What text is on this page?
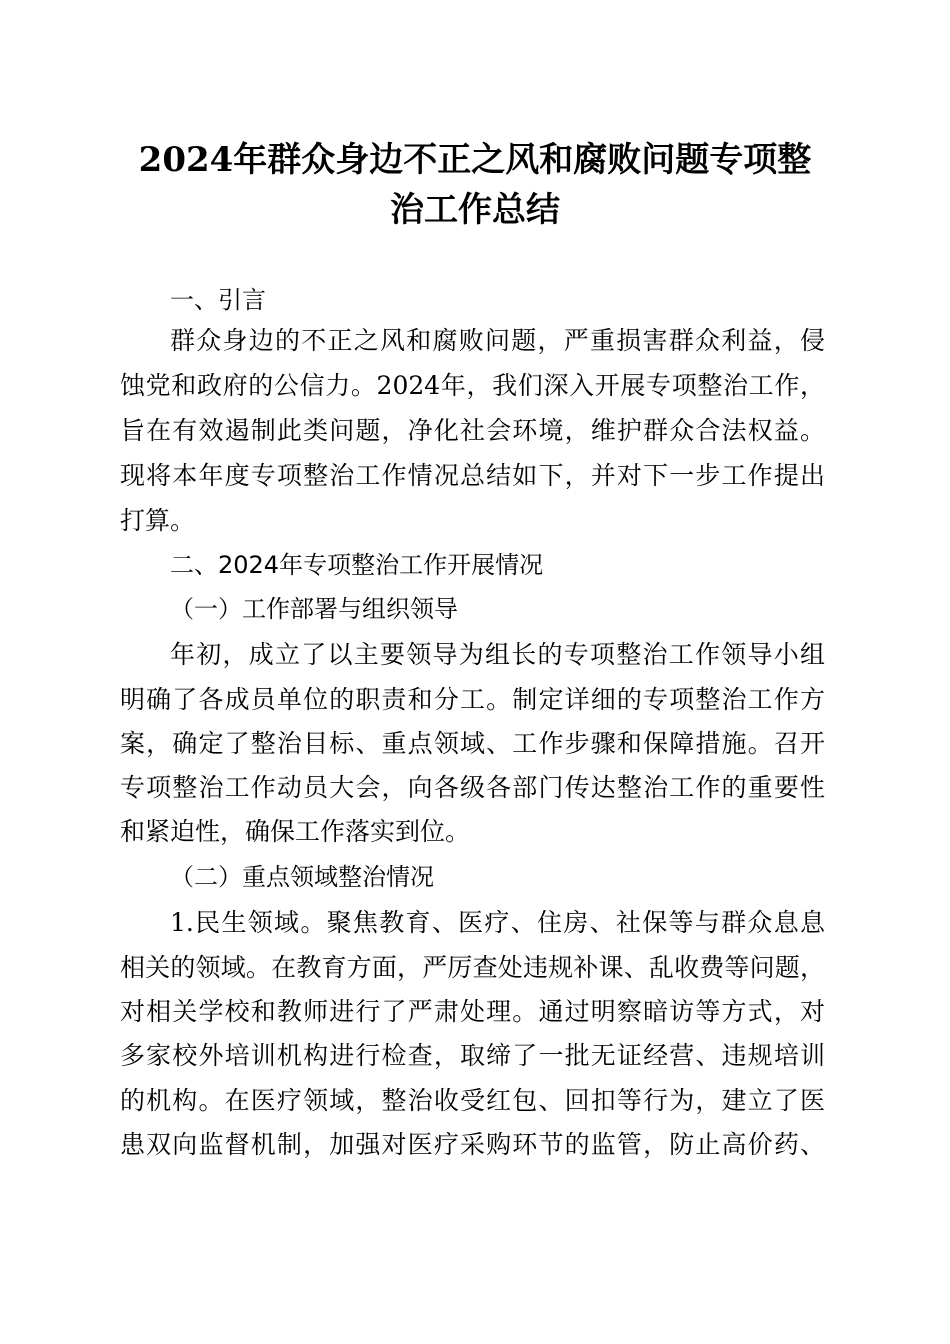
2024年群众身边不正之风和腐败问题专项整
治工作总结
一、引言
群众身边的不正之风和腐败问题，严重损害群众利益，侵
蚀党和政府的公信力。2024年，我们深入开展专项整治工作，
旨在有效遏制此类问题，净化社会环境，维护群众合法权益。
现将本年度专项整治工作情况总结如下，并对下一步工作提出
打算。
二、2024年专项整治工作开展情况
（一）工作部署与组织领导
年初，成立了以主要领导为组长的专项整治工作领导小组
明确了各成员单位的职责和分工。制定详细的专项整治工作方
案，确定了整治目标、重点领域、工作步骤和保障措施。召开
专项整治工作动员大会，向各级各部门传达整治工作的重要性
和紧迫性，确保工作落实到位。
（二）重点领域整治情况
1.民生领域。聚焦教育、医疗、住房、社保等与群众息息
相关的领域。在教育方面，严厉查处违规补课、乱收费等问题，
对相关学校和教师进行了严肃处理。通过明察暗访等方式，对
多家校外培训机构进行检查，取缔了一批无证经营、违规培训
的机构。在医疗领域，整治收受红包、回扣等行为，建立了医
患双向监督机制，加强对医疗采购环节的监管，防止高价药、
